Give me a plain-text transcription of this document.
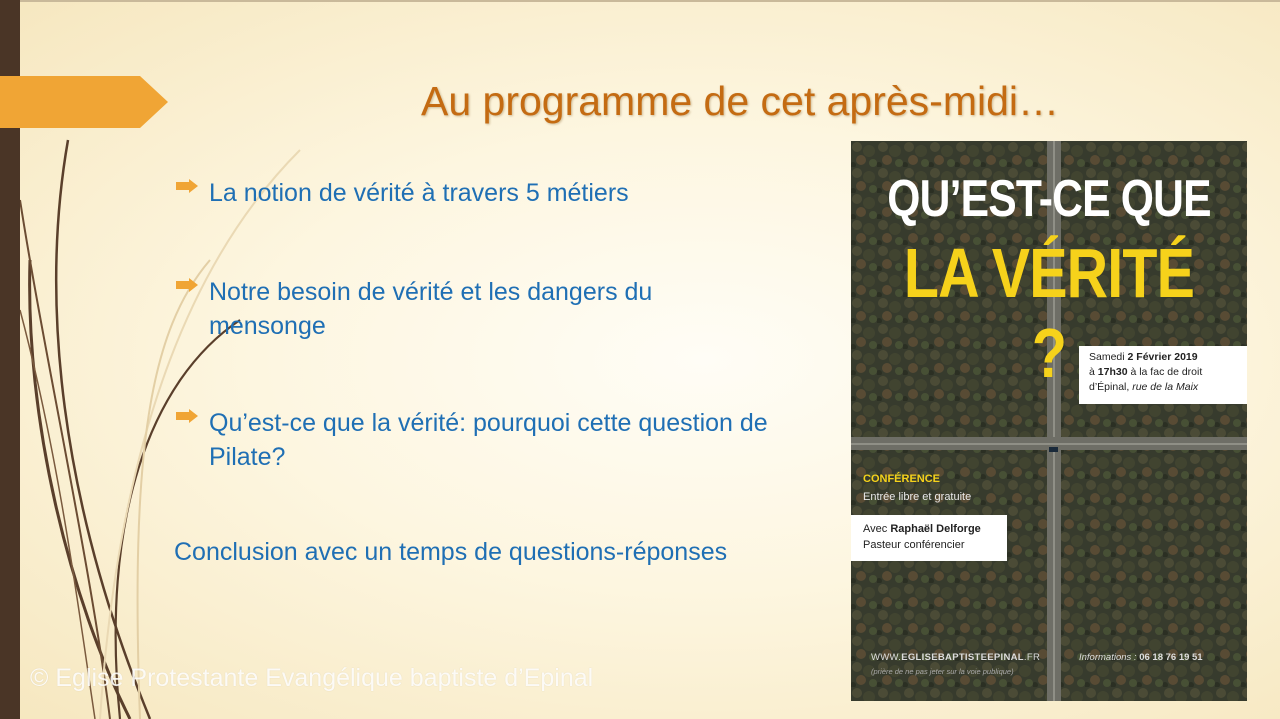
Au programme de cet après-midi…
La notion de vérité à travers 5 métiers
Notre besoin de vérité et les dangers du mensonge
Qu’est-ce que la vérité: pourquoi cette question de Pilate?
Conclusion avec un temps de questions-réponses
QU’EST-CE QUE
LA VÉRITÉ ?	Samedi 2 Février 2019
à 17h30 à la fac de droit
d’Épinal, rue de la Maix
CONFÉRENCE
Entrée libre et gratuite
Avec Raphaël Delforge
Pasteur conférencier
WWW.EGLISEBAPTISTEEPINAL.FR	Informations : 06 18 76 19 51
(prière de ne pas jeter sur la voie publique)
© Eglise Protestante Evangélique baptiste d’Epinal
